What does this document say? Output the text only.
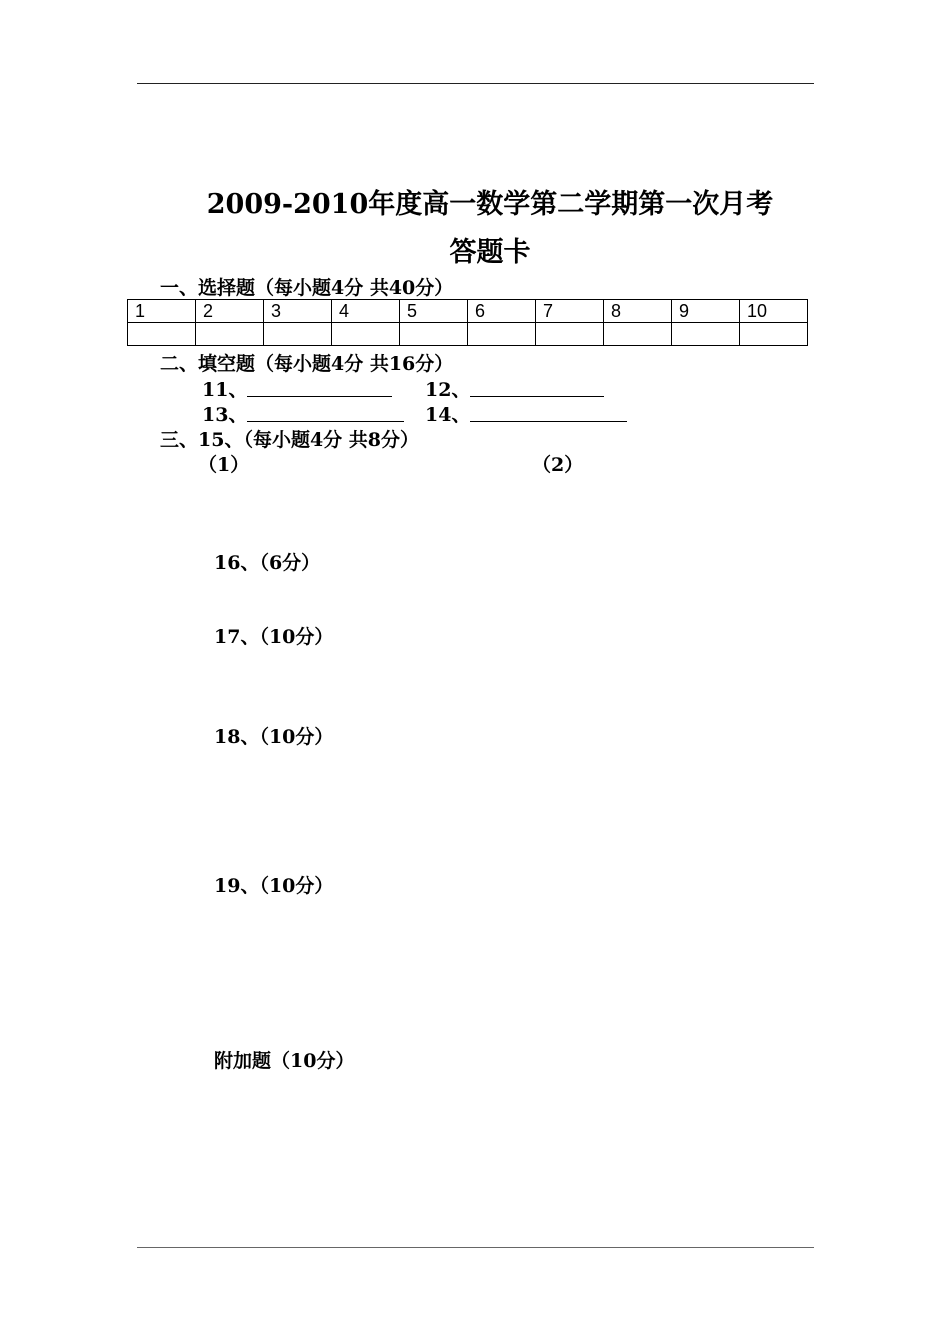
2009-2010年度高一数学第二学期第一次月考
答题卡
一、选择题（每小题4分 共40分）
1	2	3	4	5	6	7	8	9	10

二、填空题（每小题4分 共16分）
11、	12、
13、	14、
三、15、（每小题4分 共8分）
（1）	（2）
16、（6分）
17、（10分）
18、（10分）
19、（10分）
附加题（10分）
